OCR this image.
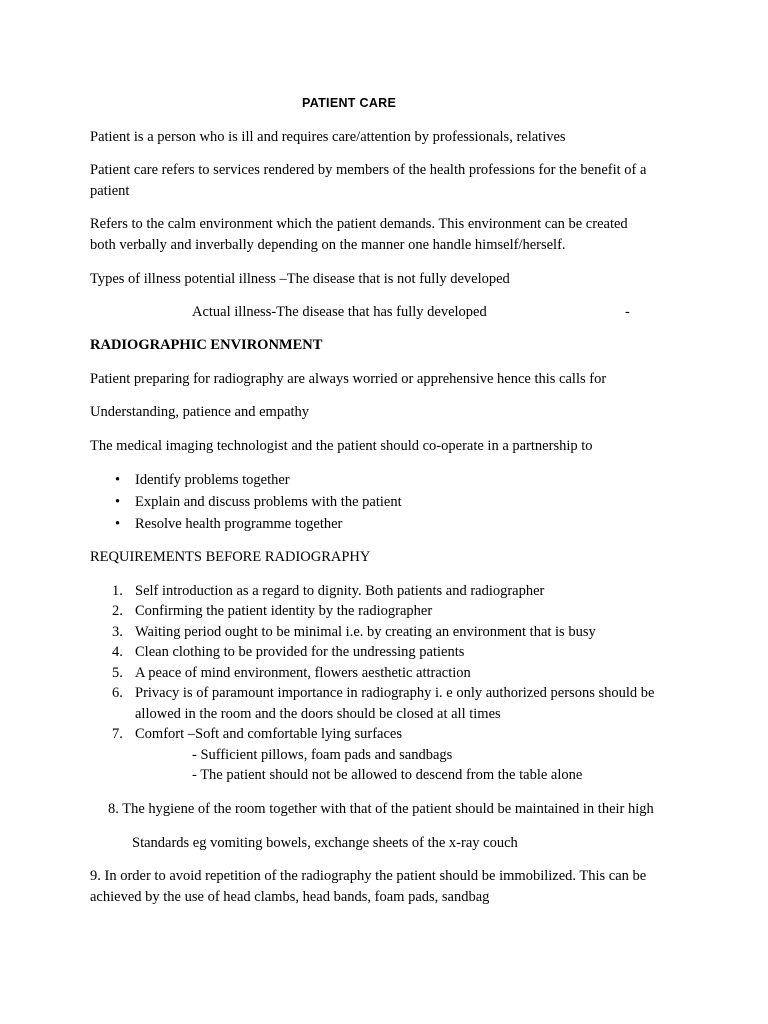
PATIENT CARE
Patient is a person who is ill and requires care/attention by professionals, relatives
Patient care refers to services rendered by members of the health professions for the benefit of a
patient
Refers to the calm environment which the patient demands. This environment can be created
both verbally and inverbally depending on the manner one handle himself/herself.
Types of illness potential illness –The disease that is not fully developed
Actual illness-The disease that has fully developed	-
RADIOGRAPHIC ENVIRONMENT
Patient preparing for radiography are always worried or apprehensive hence this calls for
Understanding, patience and empathy
The medical imaging technologist and the patient should co-operate in a partnership to
• Identify problems together
• Explain and discuss problems with the patient
• Resolve health programme together
REQUIREMENTS BEFORE RADIOGRAPHY
1. Self introduction as a regard to dignity. Both patients and radiographer
2. Confirming the patient identity by the radiographer
3. Waiting period ought to be minimal i.e. by creating an environment that is busy
4. Clean clothing to be provided for the undressing patients
5. A peace of mind environment, flowers aesthetic attraction
6. Privacy is of paramount importance in radiography i. e only authorized persons should be
allowed in the room and the doors should be closed at all times
7. Comfort –Soft and comfortable lying surfaces
- Sufficient pillows, foam pads and sandbags
- The patient should not be allowed to descend from the table alone
8. The hygiene of the room together with that of the patient should be maintained in their high
Standards eg vomiting bowels, exchange sheets of the x-ray couch
9. In order to avoid repetition of the radiography the patient should be immobilized. This can be
achieved by the use of head clambs, head bands, foam pads, sandbag
